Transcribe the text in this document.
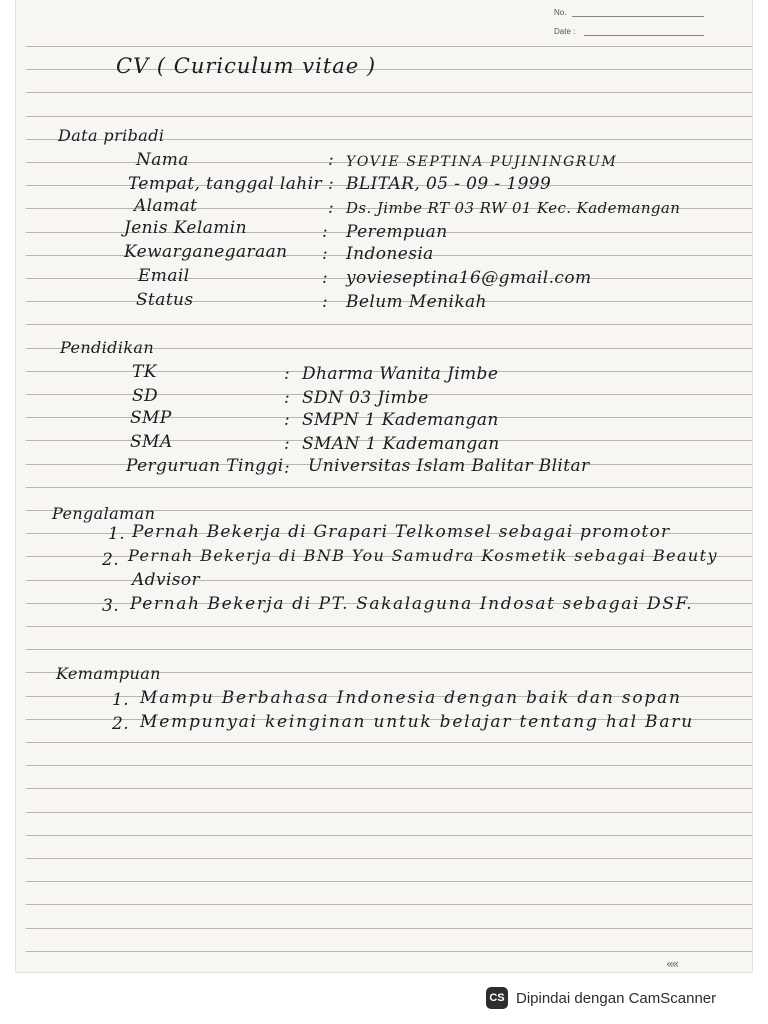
No.
Date :
CV ( Curiculum vitae )
Data pribadi
Nama	: YOVIE SEPTINA PUJININGRUM
Tempat, tanggal lahir : BLITAR, 05 - 09 - 1999
Alamat	: Ds. Jimbe RT 03 RW 01 Kec. Kademangan
Jenis Kelamin	: Perempuan
Kewarganegaraan : Indonesia
Email	: yovieseptina16@gmail.com
Status	: Belum Menikah
Pendidikan
TK	: Dharma Wanita Jimbe
SD	: SDN 03 Jimbe
SMP	: SMPN 1 Kademangan
SMA	: SMAN 1 Kademangan
Perguruan Tinggi : Universitas Islam Balitar Blitar
Pengalaman
1. Pernah Bekerja di Grapari Telkomsel sebagai promotor
2. Pernah Bekerja di BNB You Samudra Kosmetik sebagai Beauty
Advisor
3. Pernah Bekerja di PT. Sakalaguna Indosat sebagai DSF.
Kemampuan
1. Mampu Berbahasa Indonesia dengan baik dan sopan
2. Mempunyai keinginan untuk belajar tentang hal Baru
‹‹‹‹
CS Dipindai dengan CamScanner
